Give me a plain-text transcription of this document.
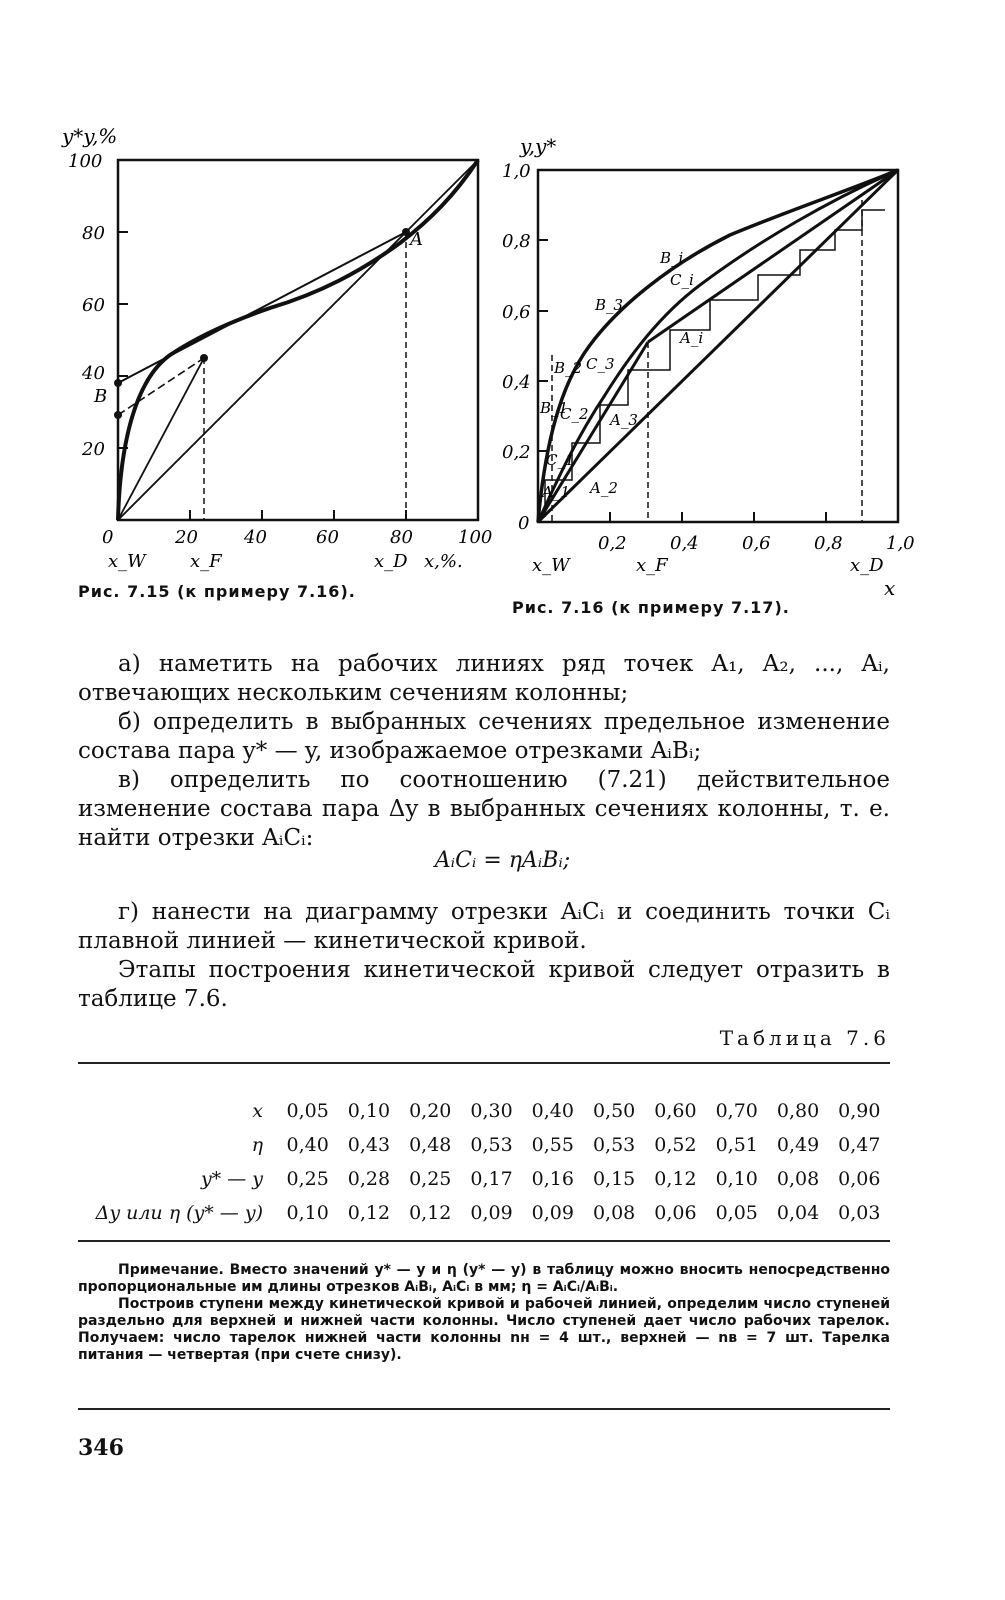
y*y,%
100
80
60
40
B
20
A
0	20	40	60	80	100
x_W x_F	x_D x,%.
Рис. 7.15 (к примеру 7.16).
y,y*
1,0
0,8
0,6
0,4
0,2
0
B_i
C_i
B_3
A_i
B_2 C_3
B_1
C_2 A_3
C_1
A_1 A_2
0,2 0,4 0,6 0,8 1,0
x_W	x_F	x_D
x
Рис. 7.16 (к примеру 7.17).

а) наметить на рабочих линиях ряд точек A₁, A₂, ..., Aᵢ, отвечающих нескольким сечениям колонны;

б) определить в выбранных сечениях предельное изменение состава пара y* — y, изображаемое отрезками AᵢBᵢ;

в) определить по соотношению (7.21) действительное изменение состава пара Δy в выбранных сечениях колонны, т. е. найти отрезки AᵢCᵢ:

AᵢCᵢ = ηAᵢBᵢ;

г) нанести на диаграмму отрезки AᵢCᵢ и соединить точки Cᵢ плавной линией — кинетической кривой.

Этапы построения кинетической кривой следует отразить в таблице 7.6.

Таблица 7.6
x	0,05	0,10	0,20	0,30	0,40	0,50	0,60	0,70	0,80	0,90
η	0,40	0,43	0,48	0,53	0,55	0,53	0,52	0,51	0,49	0,47
y* — y	0,25	0,28	0,25	0,17	0,16	0,15	0,12	0,10	0,08	0,06
Δy или η (y* — y)	0,10	0,12	0,12	0,09	0,09	0,08	0,06	0,05	0,04	0,03

Примечание. Вместо значений y* — y и η (y* — y) в таблицу можно вносить непосредственно пропорциональные им длины отрезков AᵢBᵢ, AᵢCᵢ в мм; η = AᵢCᵢ/AᵢBᵢ.

Построив ступени между кинетической кривой и рабочей линией, определим число ступеней раздельно для верхней и нижней части колонны. Число ступеней дает число рабочих тарелок. Получаем: число тарелок нижней части колонны nн = 4 шт., верхней — nв = 7 шт. Тарелка питания — четвертая (при счете снизу).

346
